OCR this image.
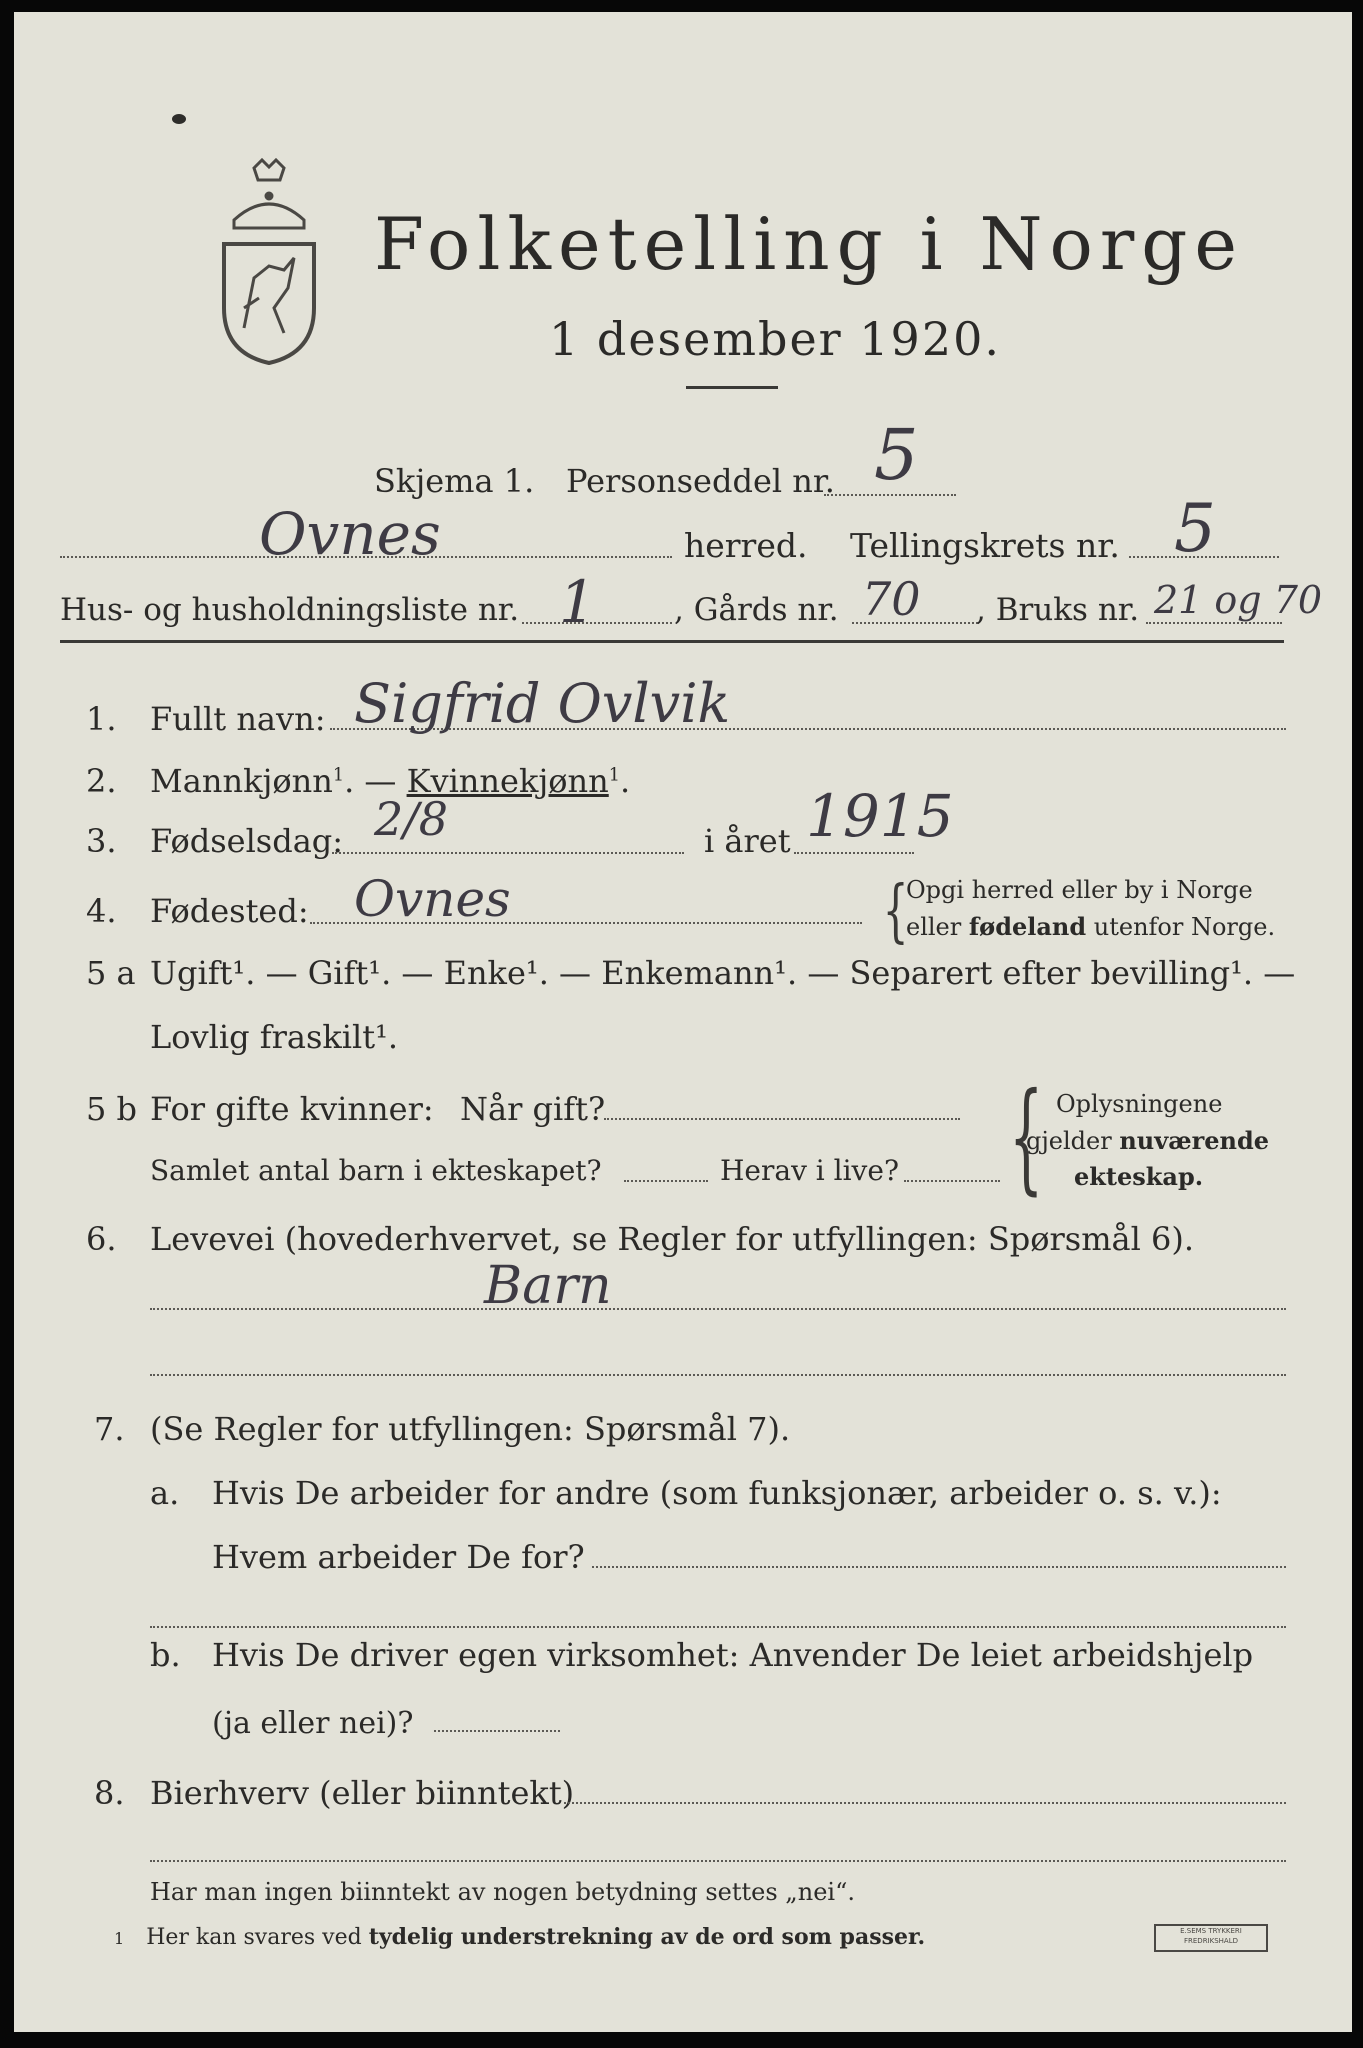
Folketelling i Norge
1 desember 1920.
Skjema 1. Personseddel nr. 5
Ovnes	herred. Tellingskrets nr. 5
Hus- og husholdningsliste nr. 1	, Gårds nr. 70 , Bruks nr. 21 og 70
1. Fullt navn: Sigfrid Ovlvik
2. Mannkjønn$^1$. — Kvinnekjønn$^1$.
3. Fødselsdag: 2/8	i året 1915
4. Fødested: Ovnes	{
Opgi herred eller by i Norge
eller fødeland utenfor Norge.
5 a Ugift¹. — Gift¹. — Enke¹. — Enkemann¹. — Separert efter bevilling¹. —
Lovlig fraskilt¹.
5 b For gifte kvinner: Når gift?
Samlet antal barn i ekteskapet?	Herav i live? { Oplysningene
gjelder nuværende
ekteskap.
6. Levevei (hovederhvervet, se Regler for utfyllingen: Spørsmål 6).
Barn
7. (Se Regler for utfyllingen: Spørsmål 7).
a. Hvis De arbeider for andre (som funksjonær, arbeider o. s. v.):
Hvem arbeider De for?
b. Hvis De driver egen virksomhet: Anvender De leiet arbeidshjelp
(ja eller nei)?
8. Bierhverv (eller biinntekt)
Har man ingen biinntekt av nogen betydning settes „nei“.
1 Her kan svares ved tydelig understrekning av de ord som passer.	E.SEMS TRYKKERI
FREDRIKSHALD
